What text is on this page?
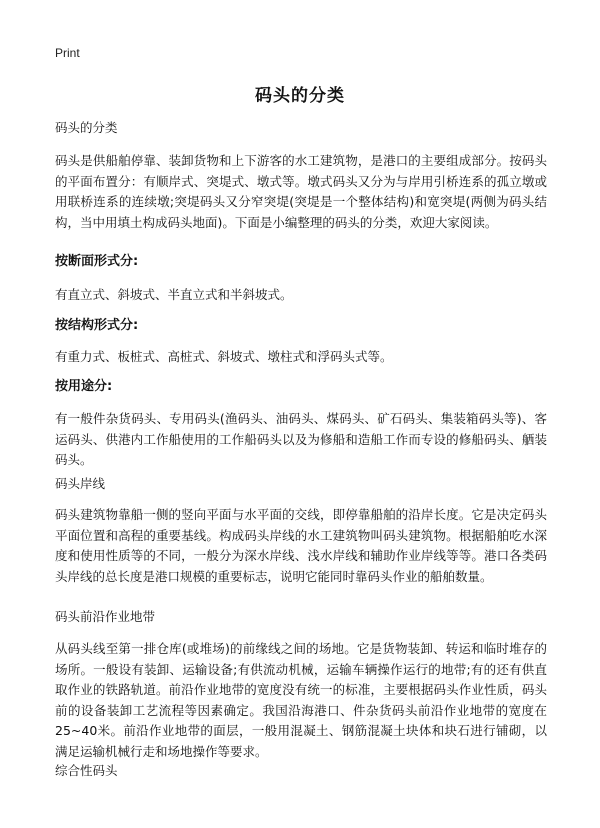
Print
码头的分类
码头的分类

码头是供船舶停靠、装卸货物和上下游客的水工建筑物，是港口的主要组成部分。按码头的平面布置分：有顺岸式、突堤式、墩式等。墩式码头又分为与岸用引桥连系的孤立墩或用联桥连系的连续墩;突堤码头又分窄突堤(突堤是一个整体结构)和宽突堤(两侧为码头结构，当中用填土构成码头地面)。下面是小编整理的码头的分类，欢迎大家阅读。

按断面形式分:
有直立式、斜坡式、半直立式和半斜坡式。
按结构形式分:
有重力式、板桩式、高桩式、斜坡式、墩柱式和浮码头式等。
按用途分:

有一般件杂货码头、专用码头(渔码头、油码头、煤码头、矿石码头、集装箱码头等)、客运码头、供港内工作船使用的工作船码头以及为修船和造船工作而专设的修船码头、舾装码头。

码头岸线

码头建筑物靠船一侧的竖向平面与水平面的交线，即停靠船舶的沿岸长度。它是决定码头平面位置和高程的重要基线。构成码头岸线的水工建筑物叫码头建筑物。根据船舶吃水深度和使用性质等的不同，一般分为深水岸线、浅水岸线和辅助作业岸线等等。港口各类码头岸线的总长度是港口规模的重要标志，说明它能同时靠码头作业的船舶数量。

码头前沿作业地带

从码头线至第一排仓库(或堆场)的前缘线之间的场地。它是货物装卸、转运和临时堆存的场所。一般设有装卸、运输设备;有供流动机械，运输车辆操作运行的地带;有的还有供直取作业的铁路轨道。前沿作业地带的宽度没有统一的标准，主要根据码头作业性质，码头前的设备装卸工艺流程等因素确定。我国沿海港口、件杂货码头前沿作业地带的宽度在25~40米。前沿作业地带的面层，一般用混凝土、钢筋混凝土块体和块石进行铺砌，以满足运输机械行走和场地操作等要求。

综合性码头
